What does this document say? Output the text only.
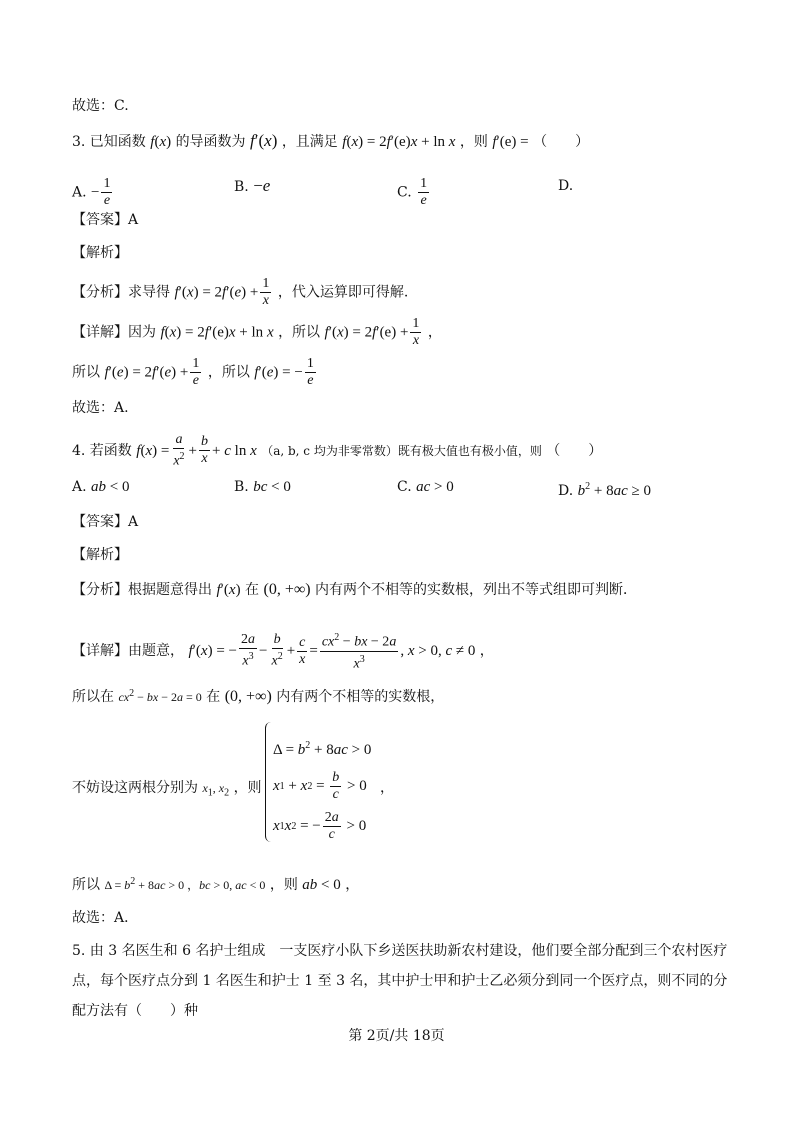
故选：C.
3. 已知函数 f(x) 的导函数为 f′(x) ，且满足 f(x) = 2f′(e)x + ln x ，则 f′(e) = （　　）
A. − $\frac{1}{e}$	B. −e	C. $\frac{1}{e}$	D.
【答案】A
【解析】
【分析】求导得 $f'(x) = 2f'(e) + \frac{1}{x}$ ，代入运算即可得解.
【详解】因为 f(x) = 2f′(e)x + ln x ，所以 $f'(x) = 2f'(e) + \frac{1}{x}$ ，
所以 $f'(e) = 2f'(e) + \frac{1}{e}$ ，所以 f′(e) = − $\frac{1}{e}$
故选：A.
4. 若函数 $f(x) = \frac{a}{x^2} + \frac{b}{x} + c$ ln x （a, b, c 均为非零常数）既有极大值也有极小值，则 （　　）
A. ab < 0	B. bc < 0	C. ac > 0	D. $b^2 + 8ac \ge 0$
【答案】A
【解析】
【分析】根据题意得出 f′(x) 在 (0, +∞) 内有两个不相等的实数根，列出不等式组即可判断．
【详解】由题意， f′(x) = − $\frac{2a}{x^3} - \frac{b}{x^2} + \frac{c}{x} = \frac{cx^2 - bx - 2a}{x^3}$ , x > 0, c ≠ 0 ，
所以在 $cx^2$ − bx − 2a = 0 在 (0, +∞) 内有两个不相等的实数根，
不妨设这两根分别为 $x_1$, $x_2$ ，则
$\Delta = b^2 + 8ac > 0$
x 1 + x $2 = \frac{b}{c} > 0$
x 1 x 2 = − $\frac{2a}{c} > 0$
，
所以 $\Delta = b^2 + 8ac > 0$ ，bc > 0, ac < 0 ，则 ab < 0 ，
故选：A．
5. 由 3 名医生和 6 名护士组成　一支医疗小队下乡送医扶助新农村建设，他们要全部分配到三个农村医疗
点，每个医疗点分到 1 名医生和护士 1 至 3 名，其中护士甲和护士乙必须分到同一个医疗点，则不同的分
配方法有（　　）种
第 2页/共 18页
